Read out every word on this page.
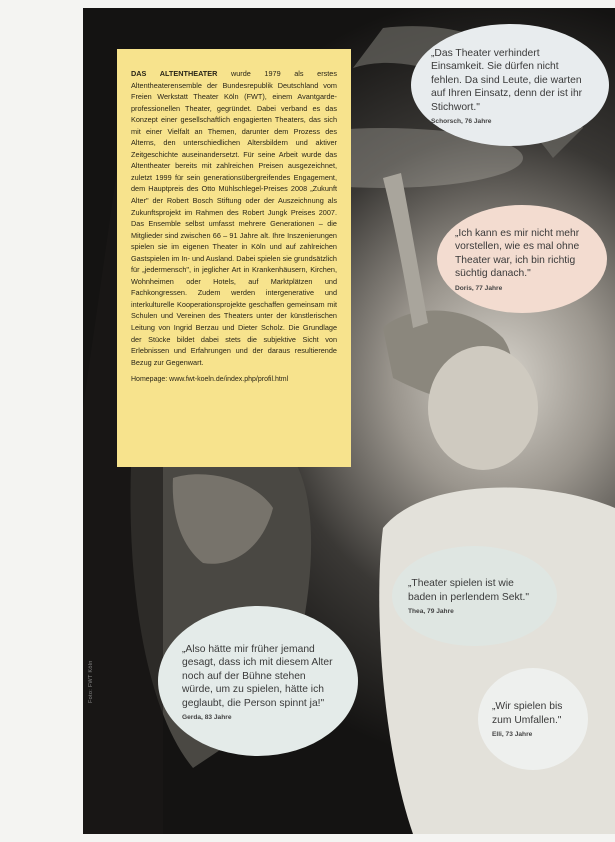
DAS ALTENTHEATER wurde 1979 als erstes Altentheaterensemble der Bundesrepublik Deutschland vom Freien Werkstatt Theater Köln (FWT), einem Avantgarde-professionellen Theater, gegründet. Dabei verband es das Konzept einer gesellschaftlich engagierten Theaters, das sich mit einer Vielfalt an Themen, darunter dem Prozess des Alterns, den unterschiedlichen Altersbildern und aktiver Zeitgeschichte auseinandersetzt. Für seine Arbeit wurde das Altentheater bereits mit zahlreichen Preisen ausgezeichnet, zuletzt 1999 für sein generationsübergreifendes Engagement, dem Hauptpreis des Otto Mühlschlegel-Preises 2008 „Zukunft Alter" der Robert Bosch Stiftung oder der Auszeichnung als Zukunftsprojekt im Rahmen des Robert Jungk Preises 2007. Das Ensemble selbst umfasst mehrere Generationen – die Mitglieder sind zwischen 66 – 91 Jahre alt. Ihre Inszenierungen spielen sie im eigenen Theater in Köln und auf zahlreichen Gastspielen im In- und Ausland. Dabei spielen sie grundsätzlich für „jedermensch", in jeglicher Art in Krankenhäusern, Kirchen, Wohnheimen oder Hotels, auf Marktplätzen und Fachkongressen. Zudem werden intergenerative und interkulturelle Kooperationsprojekte geschaffen gemeinsam mit Schulen und Vereinen des Theaters unter der künstlerischen Leitung von Ingrid Berzau und Dieter Scholz. Die Grundlage der Stücke bildet dabei stets die subjektive Sicht von Erlebnissen und Erfahrungen und der daraus resultierende Bezug zur Gegenwart.

Homepage: www.fwt-koeln.de/index.php/profil.html

„Das Theater verhindert Einsamkeit. Sie dürfen nicht fehlen. Da sind Leute, die warten auf Ihren Einsatz, denn der ist ihr Stichwort."
Schorsch, 76 Jahre
„Ich kann es mir nicht mehr vorstellen, wie es mal ohne Theater war, ich bin richtig süchtig danach."
Doris, 77 Jahre
„Theater spielen ist wie baden in perlendem Sekt."
Thea, 79 Jahre
„Also hätte mir früher jemand gesagt, dass ich mit diesem Alter noch auf der Bühne stehen würde, um zu spielen, hätte ich geglaubt, die Person spinnt ja!"
Gerda, 83 Jahre
„Wir spielen bis zum Umfallen."
Elli, 73 Jahre
Foto: FWT Köln
